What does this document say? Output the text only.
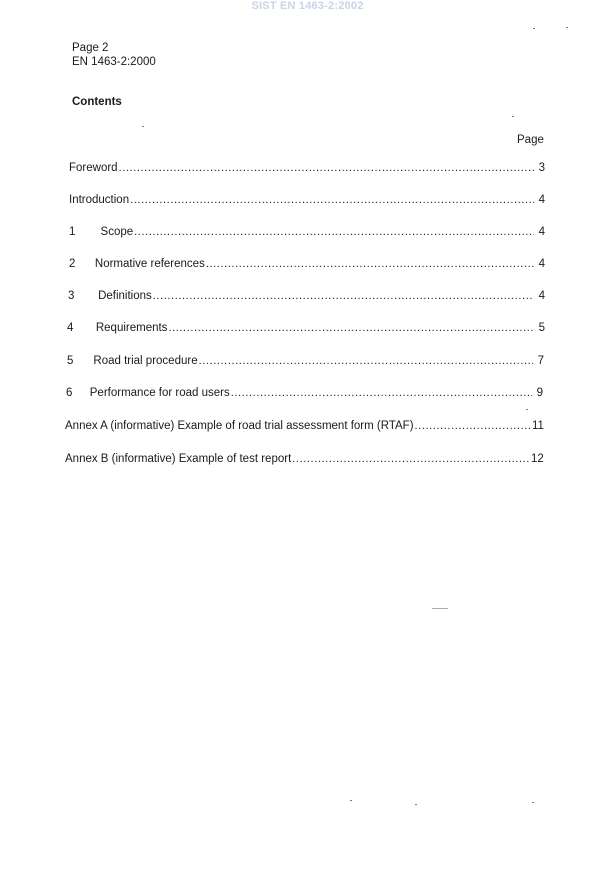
SIST EN 1463-2:2002
Page 2
EN 1463-2:2000
Contents
Page
Foreword .....	3
Introduction .....	4
1	Scope .....	4
2	Normative references .....	4
3	Definitions .....	4
4	Requirements .....	5
5	Road trial procedure .....	7
6	Performance for road users .....	9
Annex A (informative) Example of road trial assessment form (RTAF) .....	11
Annex B (informative) Example of test report .....	12
